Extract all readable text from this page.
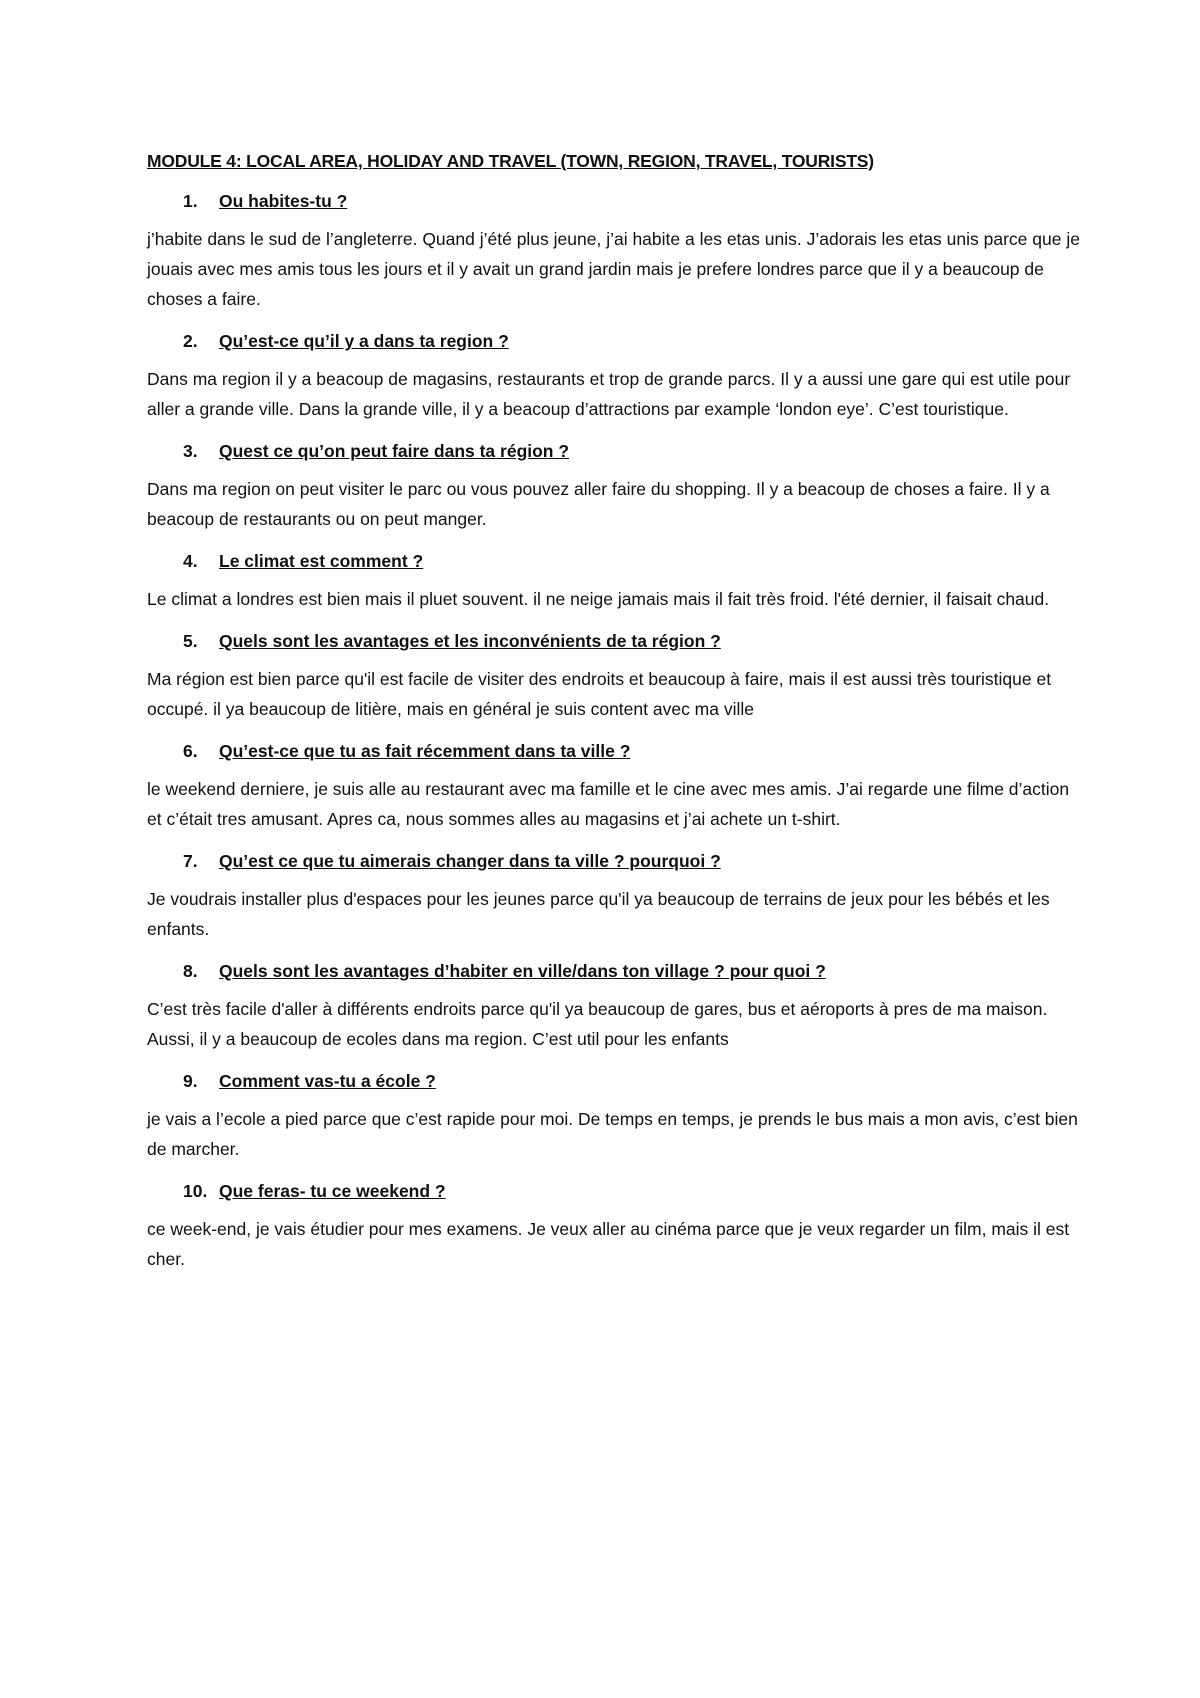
MODULE 4: LOCAL AREA, HOLIDAY AND TRAVEL (TOWN, REGION, TRAVEL, TOURISTS)
1.	Ou habites-tu ?
j’habite dans le sud de l’angleterre. Quand j’été plus jeune, j’ai habite a les etas unis. J’adorais les etas unis parce que je jouais avec mes amis tous les jours et il y avait un grand jardin mais je prefere londres parce que il y a beaucoup de choses a faire.
2.	Qu’est-ce qu’il y a dans ta region ?
Dans ma region il y a beacoup de magasins, restaurants et trop de grande parcs. Il y a aussi une gare qui est utile pour aller a grande ville. Dans la grande ville, il y a beacoup d’attractions par example ‘london eye’. C’est touristique.
3.	Quest ce qu’on peut faire dans ta région ?
Dans ma region on peut visiter le parc ou vous pouvez aller faire du shopping. Il y a beacoup de choses a faire. Il y a beacoup de restaurants ou on peut manger.
4.	Le climat est comment ?
Le climat a londres est bien mais il pluet souvent. il ne neige jamais mais il fait très froid. l'été dernier, il faisait chaud.
5.	Quels sont les avantages et les inconvénients de ta région ?
Ma région est bien parce qu'il est facile de visiter des endroits et beaucoup à faire, mais il est aussi très touristique et occupé. il ya beaucoup de litière, mais en général je suis content avec ma ville
6.	Qu’est-ce que tu as fait récemment dans ta ville ?
le weekend derniere, je suis alle au restaurant avec ma famille et le cine avec mes amis. J’ai regarde une filme d’action et c’était tres amusant. Apres ca, nous sommes alles au magasins et j’ai achete un t-shirt.
7.	Qu’est ce que tu aimerais changer dans ta ville ? pourquoi ?
Je voudrais installer plus d'espaces pour les jeunes parce qu'il ya beaucoup de terrains de jeux pour les bébés et les enfants.
8.	Quels sont les avantages d’habiter en ville/dans ton village ? pour quoi ?
C’est très facile d'aller à différents endroits parce qu'il ya beaucoup de gares, bus et aéroports à pres de ma maison. Aussi, il y a beaucoup de ecoles dans ma region. C’est util pour les enfants
9.	Comment vas-tu a école ?
je vais a l’ecole a pied parce que c’est rapide pour moi. De temps en temps, je prends le bus mais a mon avis, c’est bien de marcher.
10. Que feras- tu ce weekend ?
ce week-end, je vais étudier pour mes examens. Je veux aller au cinéma parce que je veux regarder un film, mais il est cher.
